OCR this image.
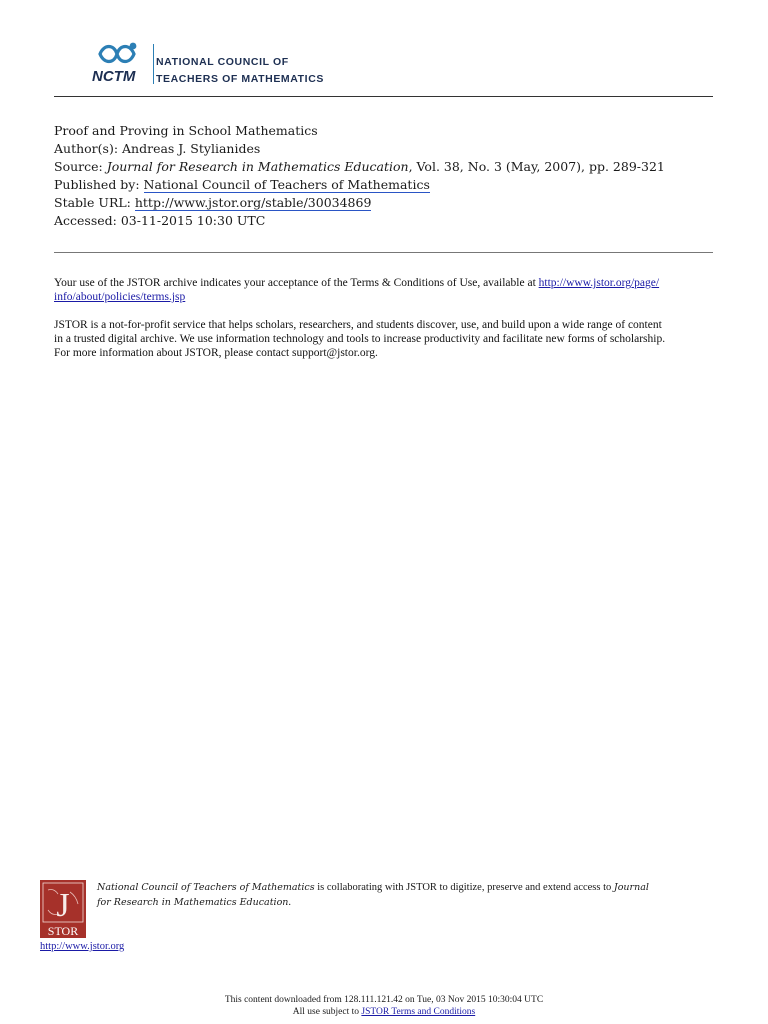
NCTM
NATIONAL COUNCIL OF
TEACHERS OF MATHEMATICS
Proof and Proving in School Mathematics
Author(s): Andreas J. Stylianides
Source: Journal for Research in Mathematics Education, Vol. 38, No. 3 (May, 2007), pp. 289-321
Published by: National Council of Teachers of Mathematics
Stable URL: http://www.jstor.org/stable/30034869
Accessed: 03-11-2015 10:30 UTC
Your use of the JSTOR archive indicates your acceptance of the Terms & Conditions of Use, available at http://www.jstor.org/page/
info/about/policies/terms.jsp
JSTOR is a not-for-profit service that helps scholars, researchers, and students discover, use, and build upon a wide range of content
in a trusted digital archive. We use information technology and tools to increase productivity and facilitate new forms of scholarship.
For more information about JSTOR, please contact support@jstor.org.
J
STOR
http://www.jstor.org
National Council of Teachers of Mathematics is collaborating with JSTOR to digitize, preserve and extend access to Journal
for Research in Mathematics Education.
This content downloaded from 128.111.121.42 on Tue, 03 Nov 2015 10:30:04 UTC
All use subject to JSTOR Terms and Conditions
